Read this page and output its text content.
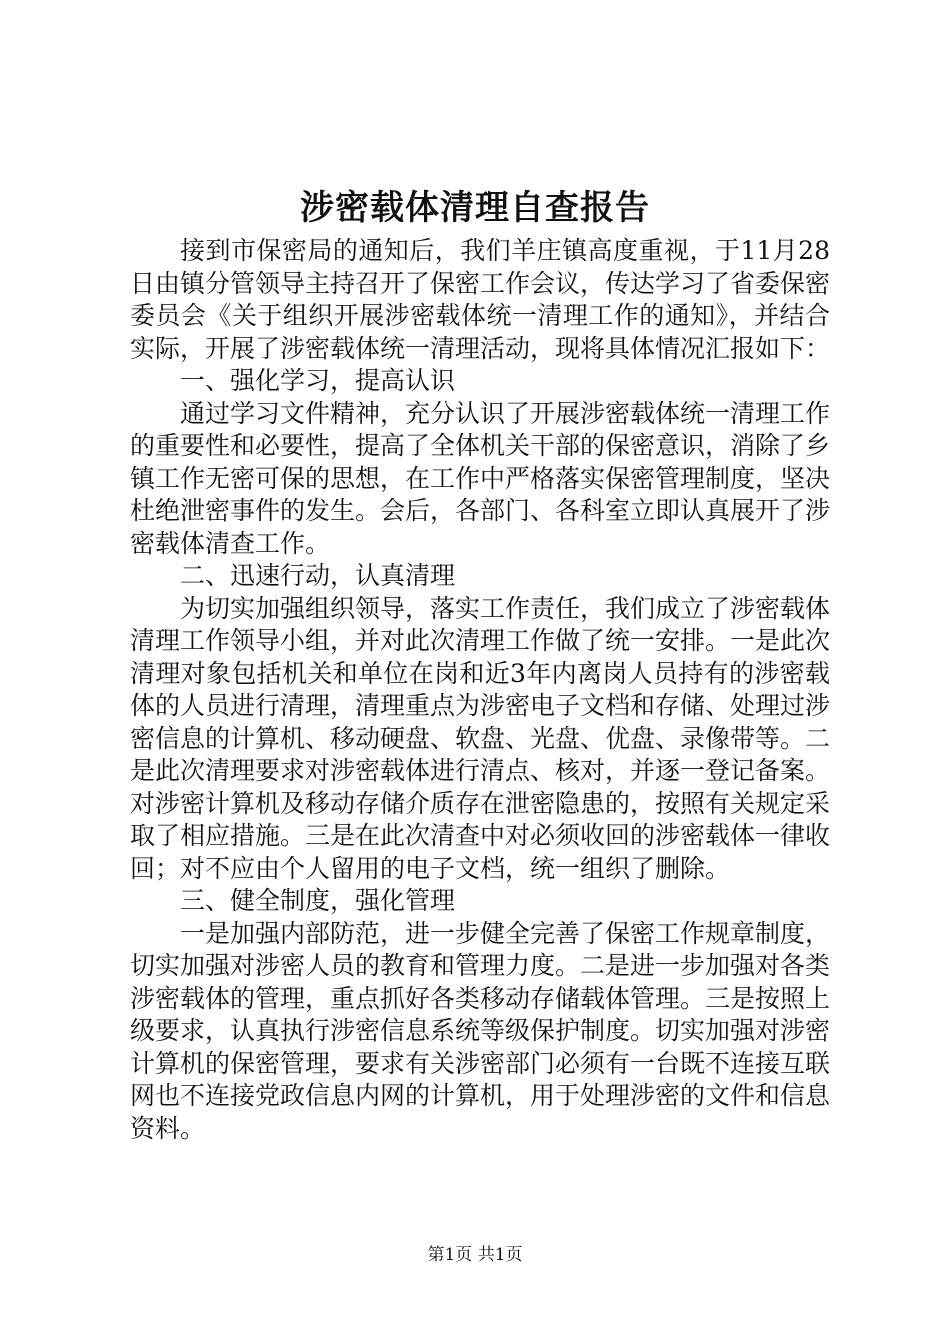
涉密载体清理自查报告

接到市保密局的通知后，我们羊庄镇高度重视，于11月28日由镇分管领导主持召开了保密工作会议，传达学习了省委保密委员会《关于组织开展涉密载体统一清理工作的通知》，并结合实际，开展了涉密载体统一清理活动，现将具体情况汇报如下：

一、强化学习，提高认识

通过学习文件精神，充分认识了开展涉密载体统一清理工作的重要性和必要性，提高了全体机关干部的保密意识，消除了乡镇工作无密可保的思想，在工作中严格落实保密管理制度，坚决杜绝泄密事件的发生。会后，各部门、各科室立即认真展开了涉密载体清查工作。

二、迅速行动，认真清理

为切实加强组织领导，落实工作责任，我们成立了涉密载体清理工作领导小组，并对此次清理工作做了统一安排。一是此次清理对象包括机关和单位在岗和近3年内离岗人员持有的涉密载体的人员进行清理，清理重点为涉密电子文档和存储、处理过涉密信息的计算机、移动硬盘、软盘、光盘、优盘、录像带等。二是此次清理要求对涉密载体进行清点、核对，并逐一登记备案。对涉密计算机及移动存储介质存在泄密隐患的，按照有关规定采取了相应措施。三是在此次清查中对必须收回的涉密载体一律收回；对不应由个人留用的电子文档，统一组织了删除。

三、健全制度，强化管理

一是加强内部防范，进一步健全完善了保密工作规章制度，切实加强对涉密人员的教育和管理力度。二是进一步加强对各类涉密载体的管理，重点抓好各类移动存储载体管理。三是按照上级要求，认真执行涉密信息系统等级保护制度。切实加强对涉密计算机的保密管理，要求有关涉密部门必须有一台既不连接互联网也不连接党政信息内网的计算机，用于处理涉密的文件和信息资料。

第1页 共1页
